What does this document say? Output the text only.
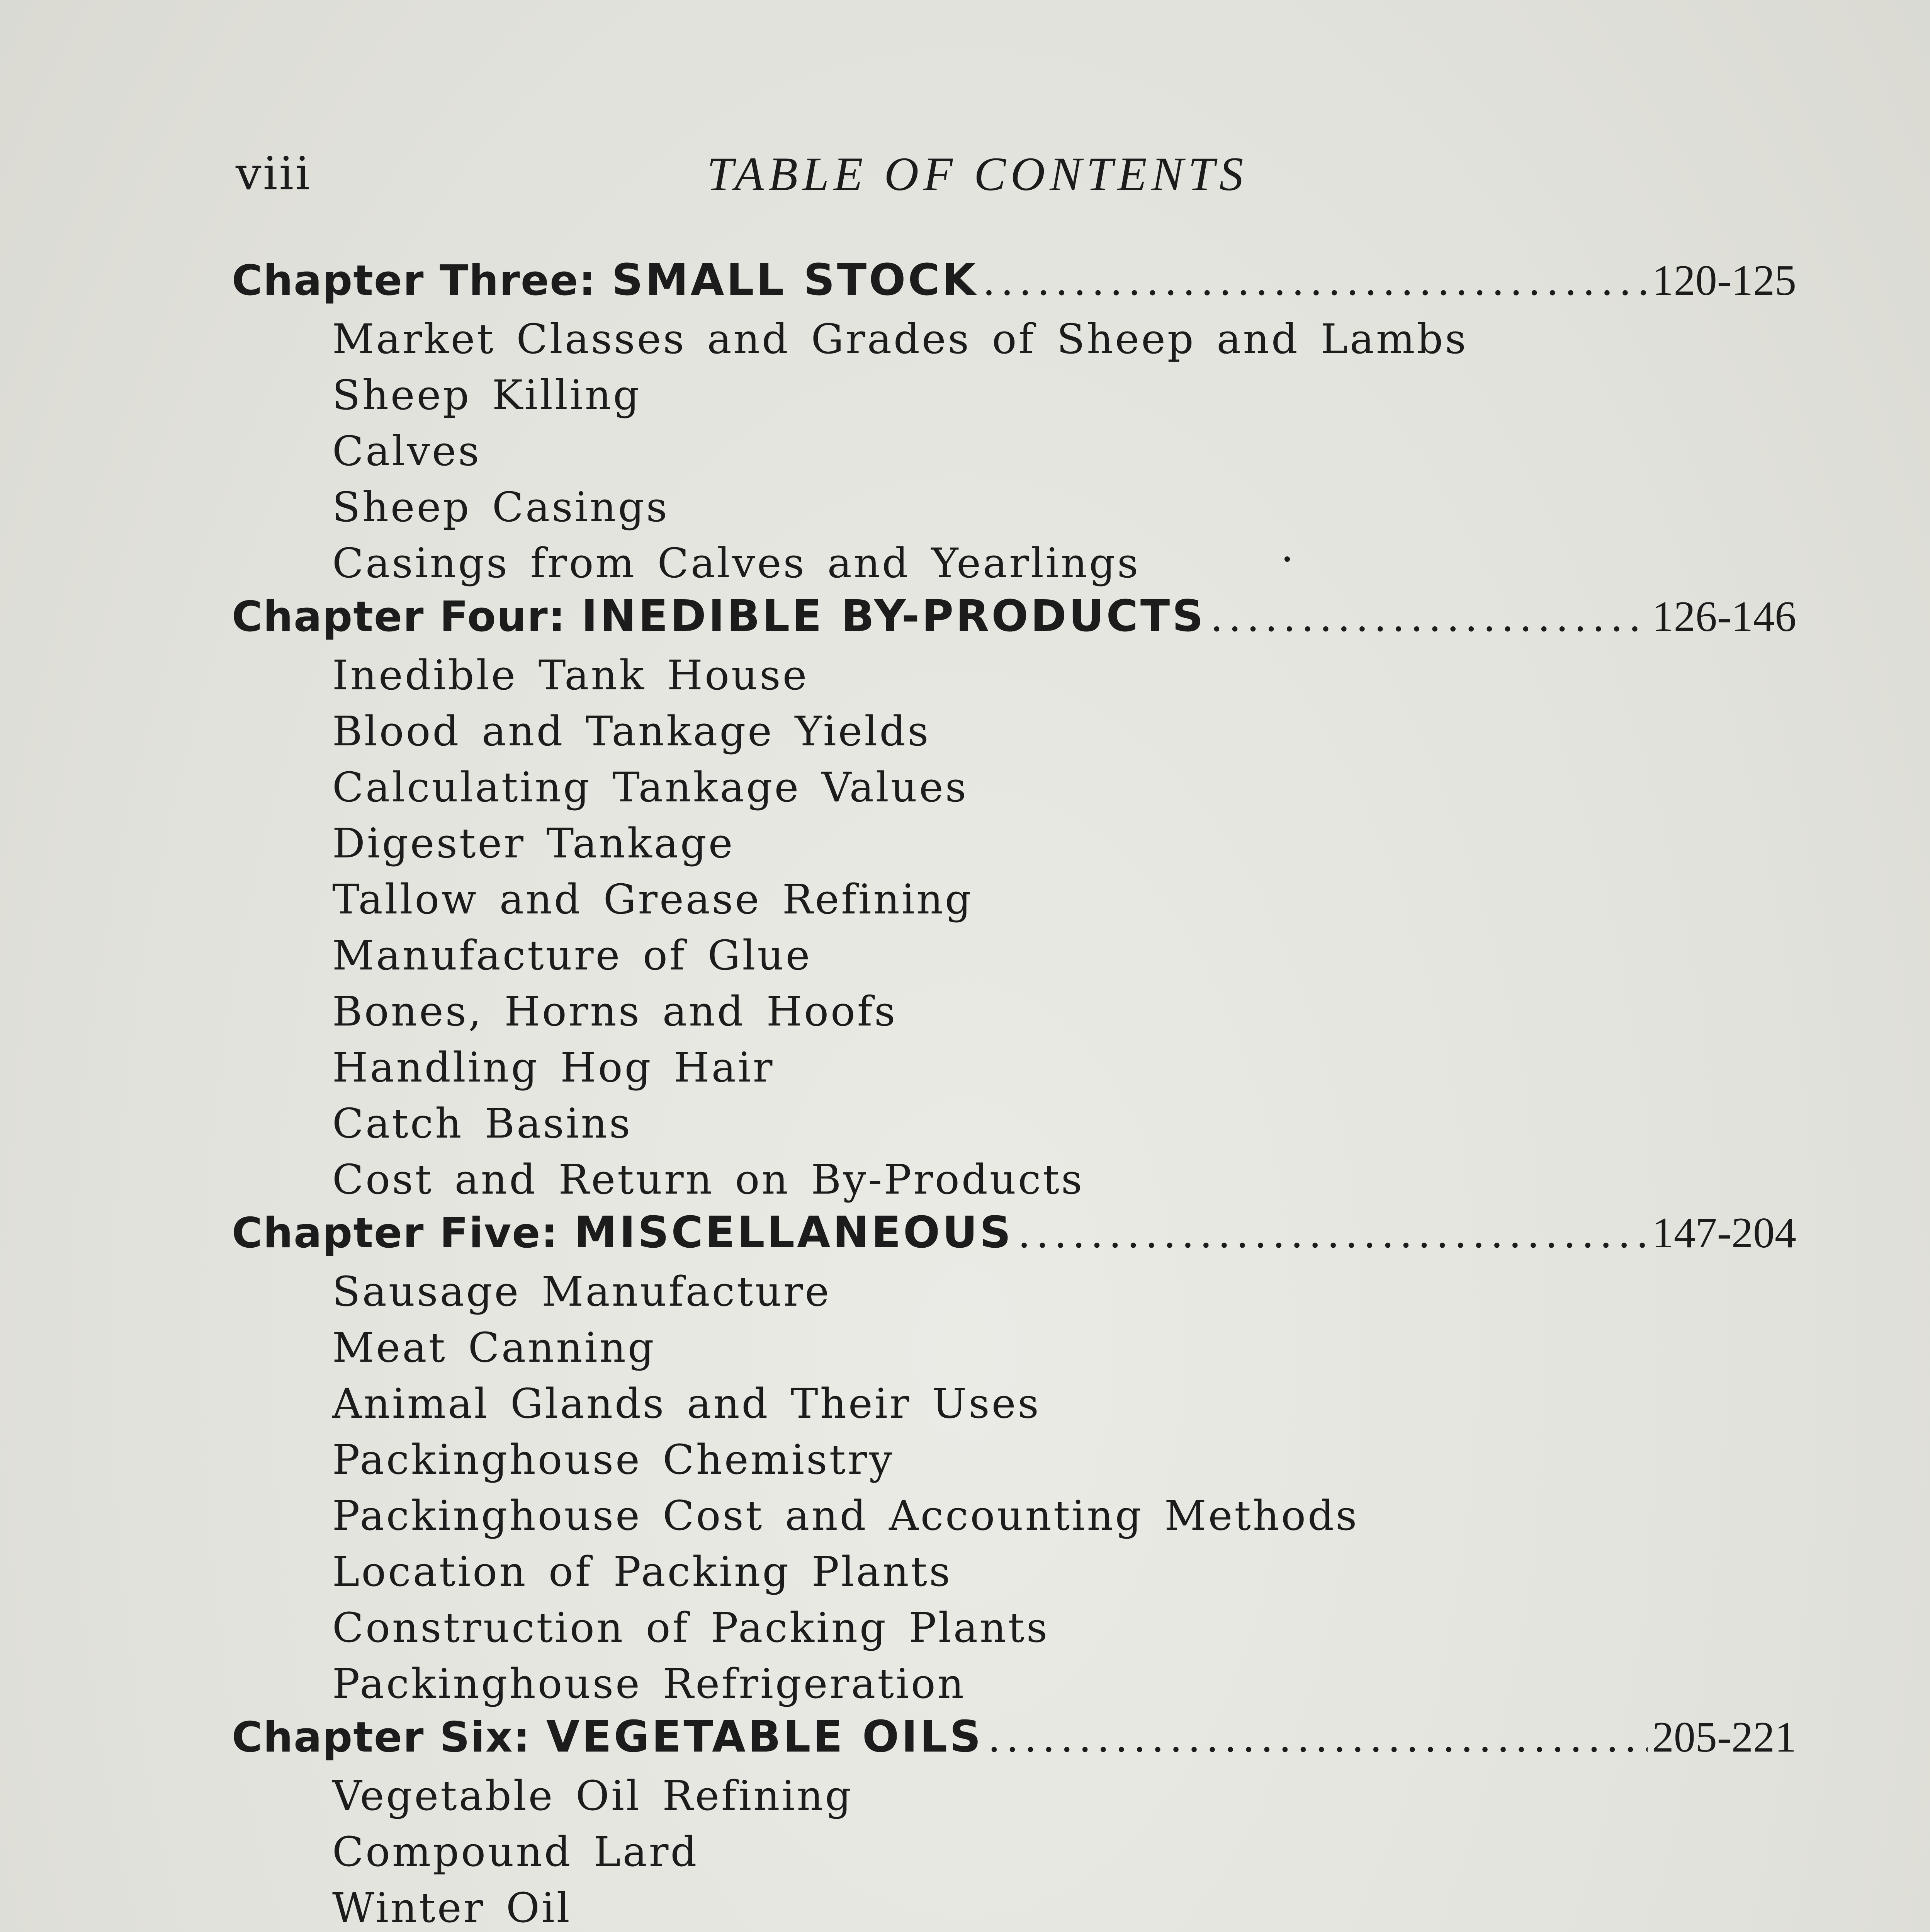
viii	TABLE OF CONTENTS
Chapter Three: SMALL STOCK .....	120-125
Market Classes and Grades of Sheep and Lambs
Sheep Killing
Calves
Sheep Casings
Casings from Calves and Yearlings
Chapter Four: INEDIBLE BY-PRODUCTS .....	126-146
Inedible Tank House
Blood and Tankage Yields
Calculating Tankage Values
Digester Tankage
Tallow and Grease Refining
Manufacture of Glue
Bones, Horns and Hoofs
Handling Hog Hair
Catch Basins
Cost and Return on By-Products
Chapter Five: MISCELLANEOUS .....	147-204
Sausage Manufacture
Meat Canning
Animal Glands and Their Uses
Packinghouse Chemistry
Packinghouse Cost and Accounting Methods
Location of Packing Plants
Construction of Packing Plants
Packinghouse Refrigeration
Chapter Six: VEGETABLE OILS .....	205-221
Vegetable Oil Refining
Compound Lard
Winter Oil
